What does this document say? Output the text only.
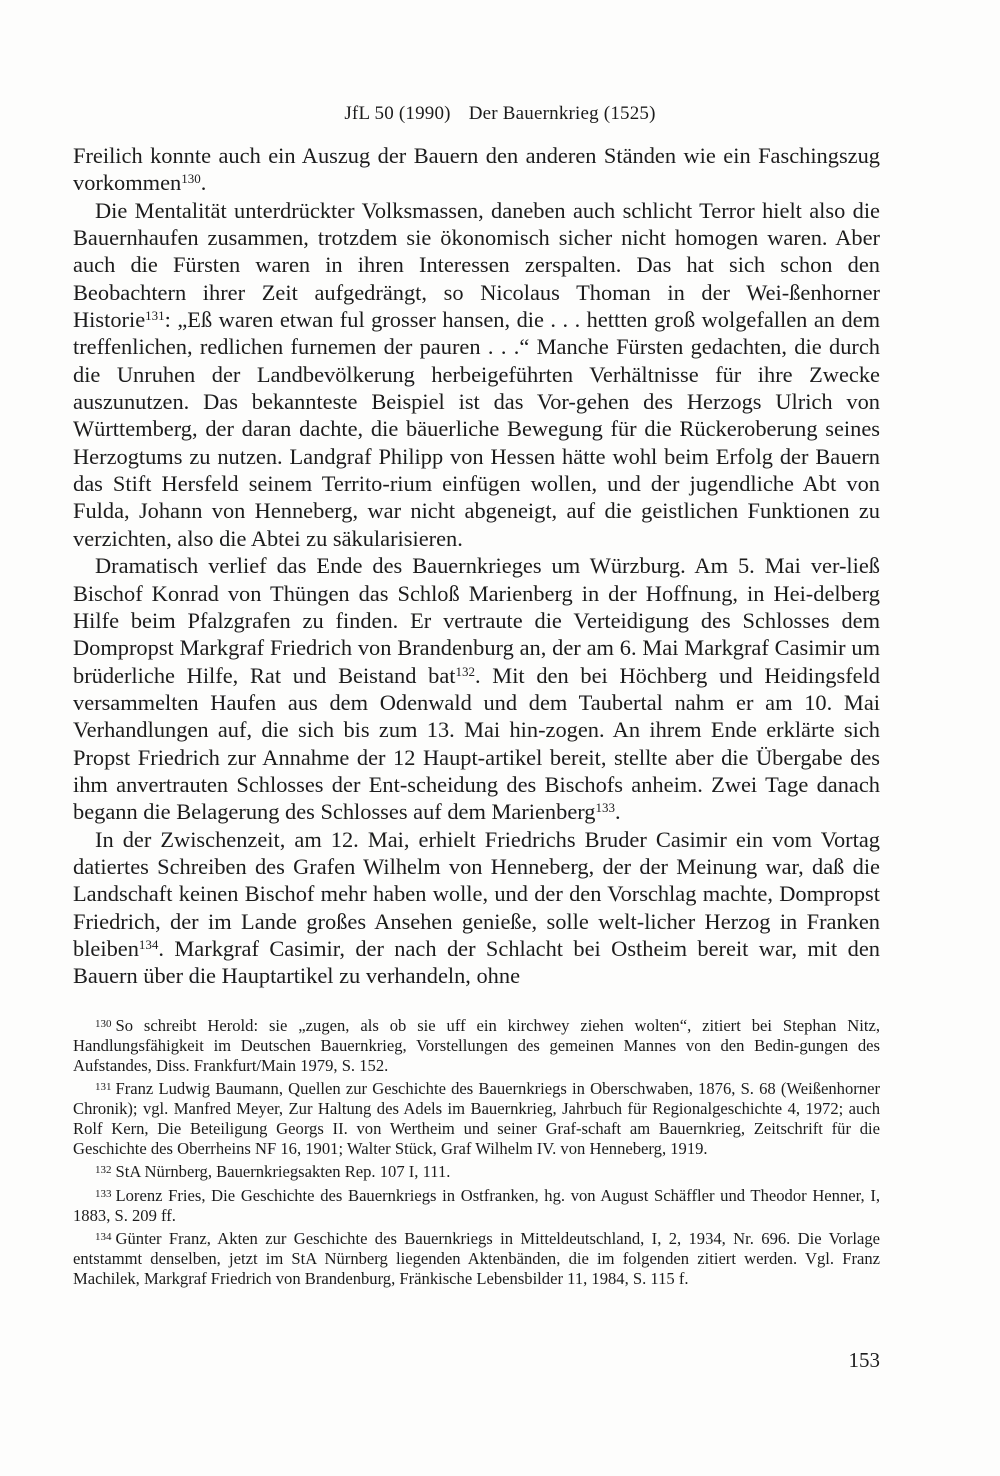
JfL 50 (1990) Der Bauernkrieg (1525)

Freilich konnte auch ein Auszug der Bauern den anderen Ständen wie ein Faschingszug vorkommen$^{130}$.

Die Mentalität unterdrückter Volksmassen, daneben auch schlicht Terror hielt also die Bauernhaufen zusammen, trotzdem sie ökonomisch sicher nicht homogen waren. Aber auch die Fürsten waren in ihren Interessen zerspalten. Das hat sich schon den Beobachtern ihrer Zeit aufgedrängt, so Nicolaus Thoman in der Wei-ßenhorner Historie$^{131}$: „Eß waren etwan ful grosser hansen, die . . . hettten groß wolgefallen an dem treffenlichen, redlichen furnemen der pauren . . .“ Manche Fürsten gedachten, die durch die Unruhen der Landbevölkerung herbeigeführten Verhältnisse für ihre Zwecke auszunutzen. Das bekannteste Beispiel ist das Vor-gehen des Herzogs Ulrich von Württemberg, der daran dachte, die bäuerliche Bewegung für die Rückeroberung seines Herzogtums zu nutzen. Landgraf Philipp von Hessen hätte wohl beim Erfolg der Bauern das Stift Hersfeld seinem Territo-rium einfügen wollen, und der jugendliche Abt von Fulda, Johann von Henneberg, war nicht abgeneigt, auf die geistlichen Funktionen zu verzichten, also die Abtei zu säkularisieren.

Dramatisch verlief das Ende des Bauernkrieges um Würzburg. Am 5. Mai ver-ließ Bischof Konrad von Thüngen das Schloß Marienberg in der Hoffnung, in Hei-delberg Hilfe beim Pfalzgrafen zu finden. Er vertraute die Verteidigung des Schlosses dem Dompropst Markgraf Friedrich von Brandenburg an, der am 6. Mai Markgraf Casimir um brüderliche Hilfe, Rat und Beistand bat$^{132}$. Mit den bei Höchberg und Heidingsfeld versammelten Haufen aus dem Odenwald und dem Taubertal nahm er am 10. Mai Verhandlungen auf, die sich bis zum 13. Mai hin-zogen. An ihrem Ende erklärte sich Propst Friedrich zur Annahme der 12 Haupt-artikel bereit, stellte aber die Übergabe des ihm anvertrauten Schlosses der Ent-scheidung des Bischofs anheim. Zwei Tage danach begann die Belagerung des Schlosses auf dem Marienberg$^{133}$.

In der Zwischenzeit, am 12. Mai, erhielt Friedrichs Bruder Casimir ein vom Vortag datiertes Schreiben des Grafen Wilhelm von Henneberg, der der Meinung war, daß die Landschaft keinen Bischof mehr haben wolle, und der den Vorschlag machte, Dompropst Friedrich, der im Lande großes Ansehen genieße, solle welt-licher Herzog in Franken bleiben$^{134}$. Markgraf Casimir, der nach der Schlacht bei Ostheim bereit war, mit den Bauern über die Hauptartikel zu verhandeln, ohne

$^{130}$ So schreibt Herold: sie „zugen, als ob sie uff ein kirchwey ziehen wolten“, zitiert bei Stephan Nitz, Handlungsfähigkeit im Deutschen Bauernkrieg, Vorstellungen des gemeinen Mannes von den Bedin-gungen des Aufstandes, Diss. Frankfurt/Main 1979, S. 152.

$^{131}$ Franz Ludwig Baumann, Quellen zur Geschichte des Bauernkriegs in Oberschwaben, 1876, S. 68 (Weißenhorner Chronik); vgl. Manfred Meyer, Zur Haltung des Adels im Bauernkrieg, Jahrbuch für Regionalgeschichte 4, 1972; auch Rolf Kern, Die Beteiligung Georgs II. von Wertheim und seiner Graf-schaft am Bauernkrieg, Zeitschrift für die Geschichte des Oberrheins NF 16, 1901; Walter Stück, Graf Wilhelm IV. von Henneberg, 1919.

$^{132}$ StA Nürnberg, Bauernkriegsakten Rep. 107 I, 111.

$^{133}$ Lorenz Fries, Die Geschichte des Bauernkriegs in Ostfranken, hg. von August Schäffler und Theodor Henner, I, 1883, S. 209 ff.

$^{134}$ Günter Franz, Akten zur Geschichte des Bauernkriegs in Mitteldeutschland, I, 2, 1934, Nr. 696. Die Vorlage entstammt denselben, jetzt im StA Nürnberg liegenden Aktenbänden, die im folgenden zitiert werden. Vgl. Franz Machilek, Markgraf Friedrich von Brandenburg, Fränkische Lebensbilder 11, 1984, S. 115 f.

153
